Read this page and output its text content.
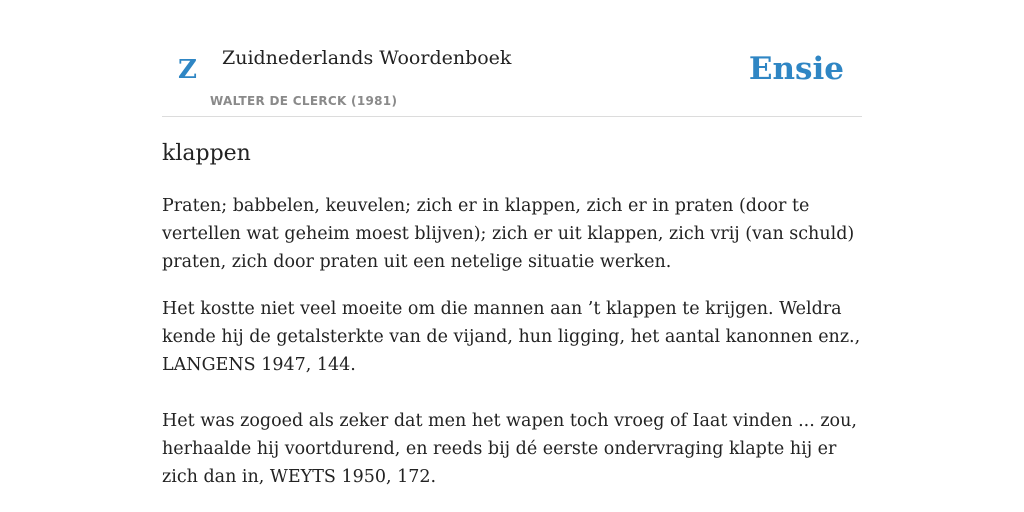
Z Zuidnederlands Woordenboek
WALTER DE CLERCK (1981)
Ensie
klappen

Praten; babbelen, keuvelen; zich er in klappen, zich er in praten (door te vertellen wat geheim moest blijven); zich er uit klappen, zich vrij (van schuld) praten, zich door praten uit een netelige situatie werken.

Het kostte niet veel moeite om die mannen aan ’t klappen te krijgen. Weldra kende hij de getalsterkte van de vijand, hun ligging, het aantal kanonnen enz., LANGENS 1947, 144.

Het was zogoed als zeker dat men het wapen toch vroeg of Iaat vinden ... zou, herhaalde hij voortdurend, en reeds bij dé eerste ondervraging klapte hij er zich dan in, WEYTS 1950, 172.
